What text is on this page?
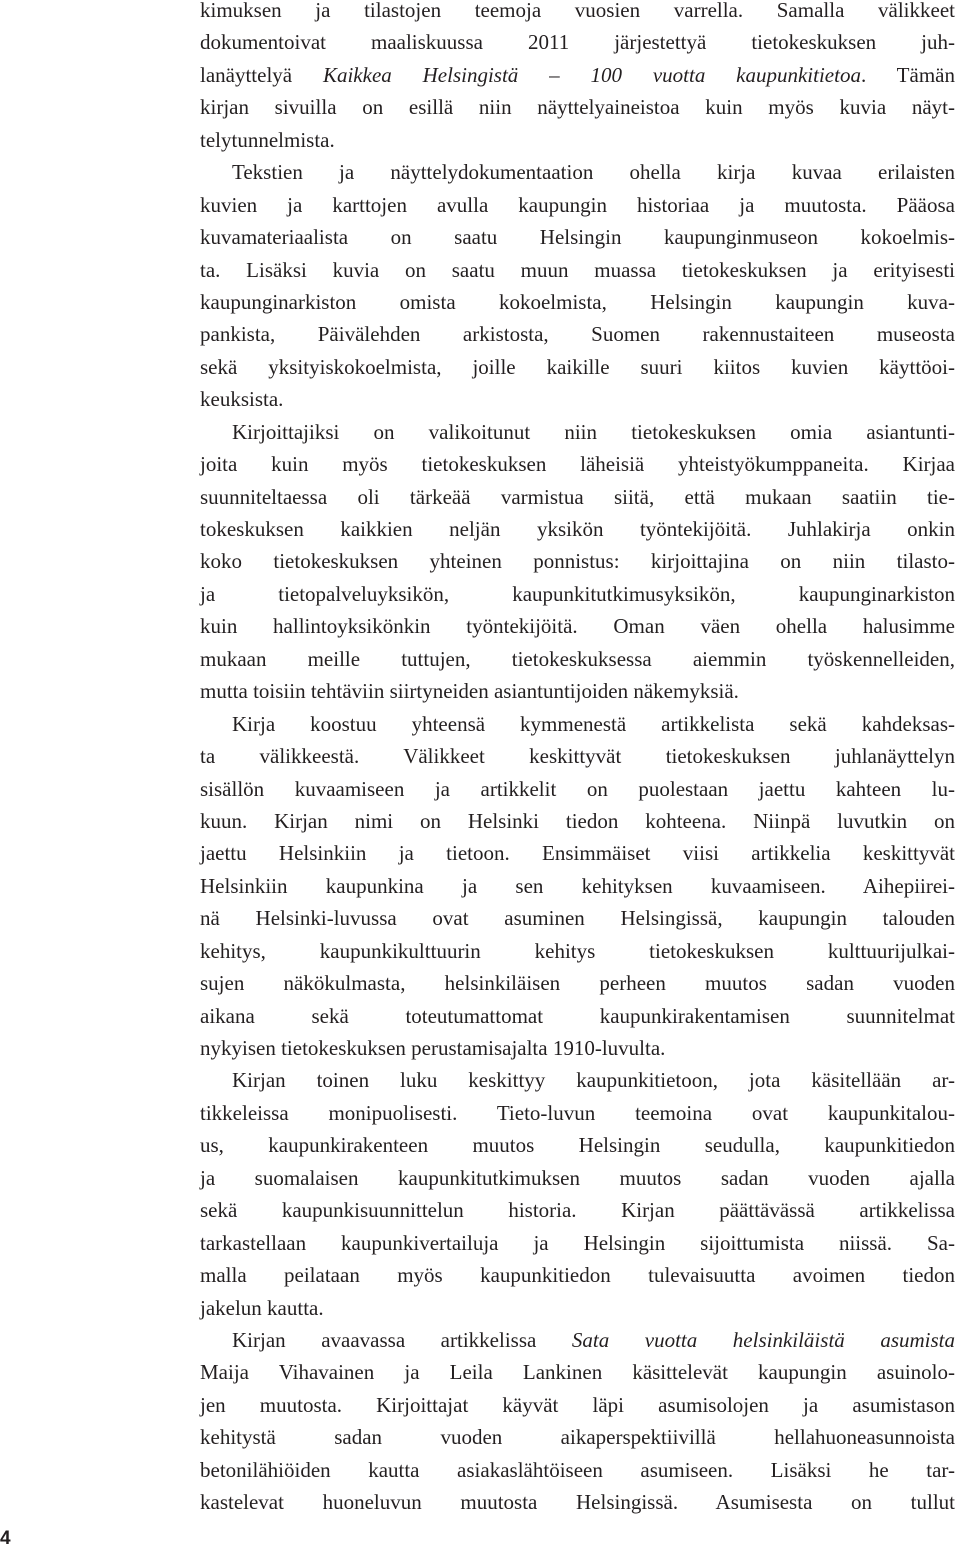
kimuksen ja tilastojen teemoja vuosien varrella. Samalla välikkeet
dokumentoivat maaliskuussa 2011 järjestettyä tietokeskuksen juh-
lanäyttelyä Kaikkea Helsingistä – 100 vuotta kaupunkitietoa. Tämän
kirjan sivuilla on esillä niin näyttelyaineistoa kuin myös kuvia näyt-
telytunnelmista.
Tekstien ja näyttelydokumentaation ohella kirja kuvaa erilaisten
kuvien ja karttojen avulla kaupungin historiaa ja muutosta. Pääosa
kuvamateriaalista on saatu Helsingin kaupunginmuseon kokoelmis-
ta. Lisäksi kuvia on saatu muun muassa tietokeskuksen ja erityisesti
kaupunginarkiston omista kokoelmista, Helsingin kaupungin kuva-
pankista, Päivälehden arkistosta, Suomen rakennustaiteen museosta
sekä yksityiskokoelmista, joille kaikille suuri kiitos kuvien käyttöoi-
keuksista.
Kirjoittajiksi on valikoitunut niin tietokeskuksen omia asiantunti-
joita kuin myös tietokeskuksen läheisiä yhteistyökumppaneita. Kirjaa
suunniteltaessa oli tärkeää varmistua siitä, että mukaan saatiin tie-
tokeskuksen kaikkien neljän yksikön työntekijöitä. Juhlakirja onkin
koko tietokeskuksen yhteinen ponnistus: kirjoittajina on niin tilasto-
ja tietopalveluyksikön, kaupunkitutkimusyksikön, kaupunginarkiston
kuin hallintoyksikönkin työntekijöitä. Oman väen ohella halusimme
mukaan meille tuttujen, tietokeskuksessa aiemmin työskennelleiden,
mutta toisiin tehtäviin siirtyneiden asiantuntijoiden näkemyksiä.
Kirja koostuu yhteensä kymmenestä artikkelista sekä kahdeksas-
ta välikkeestä. Välikkeet keskittyvät tietokeskuksen juhlanäyttelyn
sisällön kuvaamiseen ja artikkelit on puolestaan jaettu kahteen lu-
kuun. Kirjan nimi on Helsinki tiedon kohteena. Niinpä luvutkin on
jaettu Helsinkiin ja tietoon. Ensimmäiset viisi artikkelia keskittyvät
Helsinkiin kaupunkina ja sen kehityksen kuvaamiseen. Aihepiirei-
nä Helsinki-luvussa ovat asuminen Helsingissä, kaupungin talouden
kehitys, kaupunkikulttuurin kehitys tietokeskuksen kulttuurijulkai-
sujen näkökulmasta, helsinkiläisen perheen muutos sadan vuoden
aikana sekä toteutumattomat kaupunkirakentamisen suunnitelmat
nykyisen tietokeskuksen perustamisajalta 1910-luvulta.
Kirjan toinen luku keskittyy kaupunkitietoon, jota käsitellään ar-
tikkeleissa monipuolisesti. Tieto-luvun teemoina ovat kaupunkitalou-
us, kaupunkirakenteen muutos Helsingin seudulla, kaupunkitiedon
ja suomalaisen kaupunkitutkimuksen muutos sadan vuoden ajalla
sekä kaupunkisuunnittelun historia. Kirjan päättävässä artikkelissa
tarkastellaan kaupunkivertailuja ja Helsingin sijoittumista niissä. Sa-
malla peilataan myös kaupunkitiedon tulevaisuutta avoimen tiedon
jakelun kautta.
Kirjan avaavassa artikkelissa Sata vuotta helsinkiläistä asumista
Maija Vihavainen ja Leila Lankinen käsittelevät kaupungin asuinolo-
jen muutosta. Kirjoittajat käyvät läpi asumisolojen ja asumistason
kehitystä sadan vuoden aikaperspektiivillä hellahuoneasunnoista
betonilähiöiden kautta asiakaslähtöiseen asumiseen. Lisäksi he tar-
kastelevat huoneluvun muutosta Helsingissä. Asumisesta on tullut
4
